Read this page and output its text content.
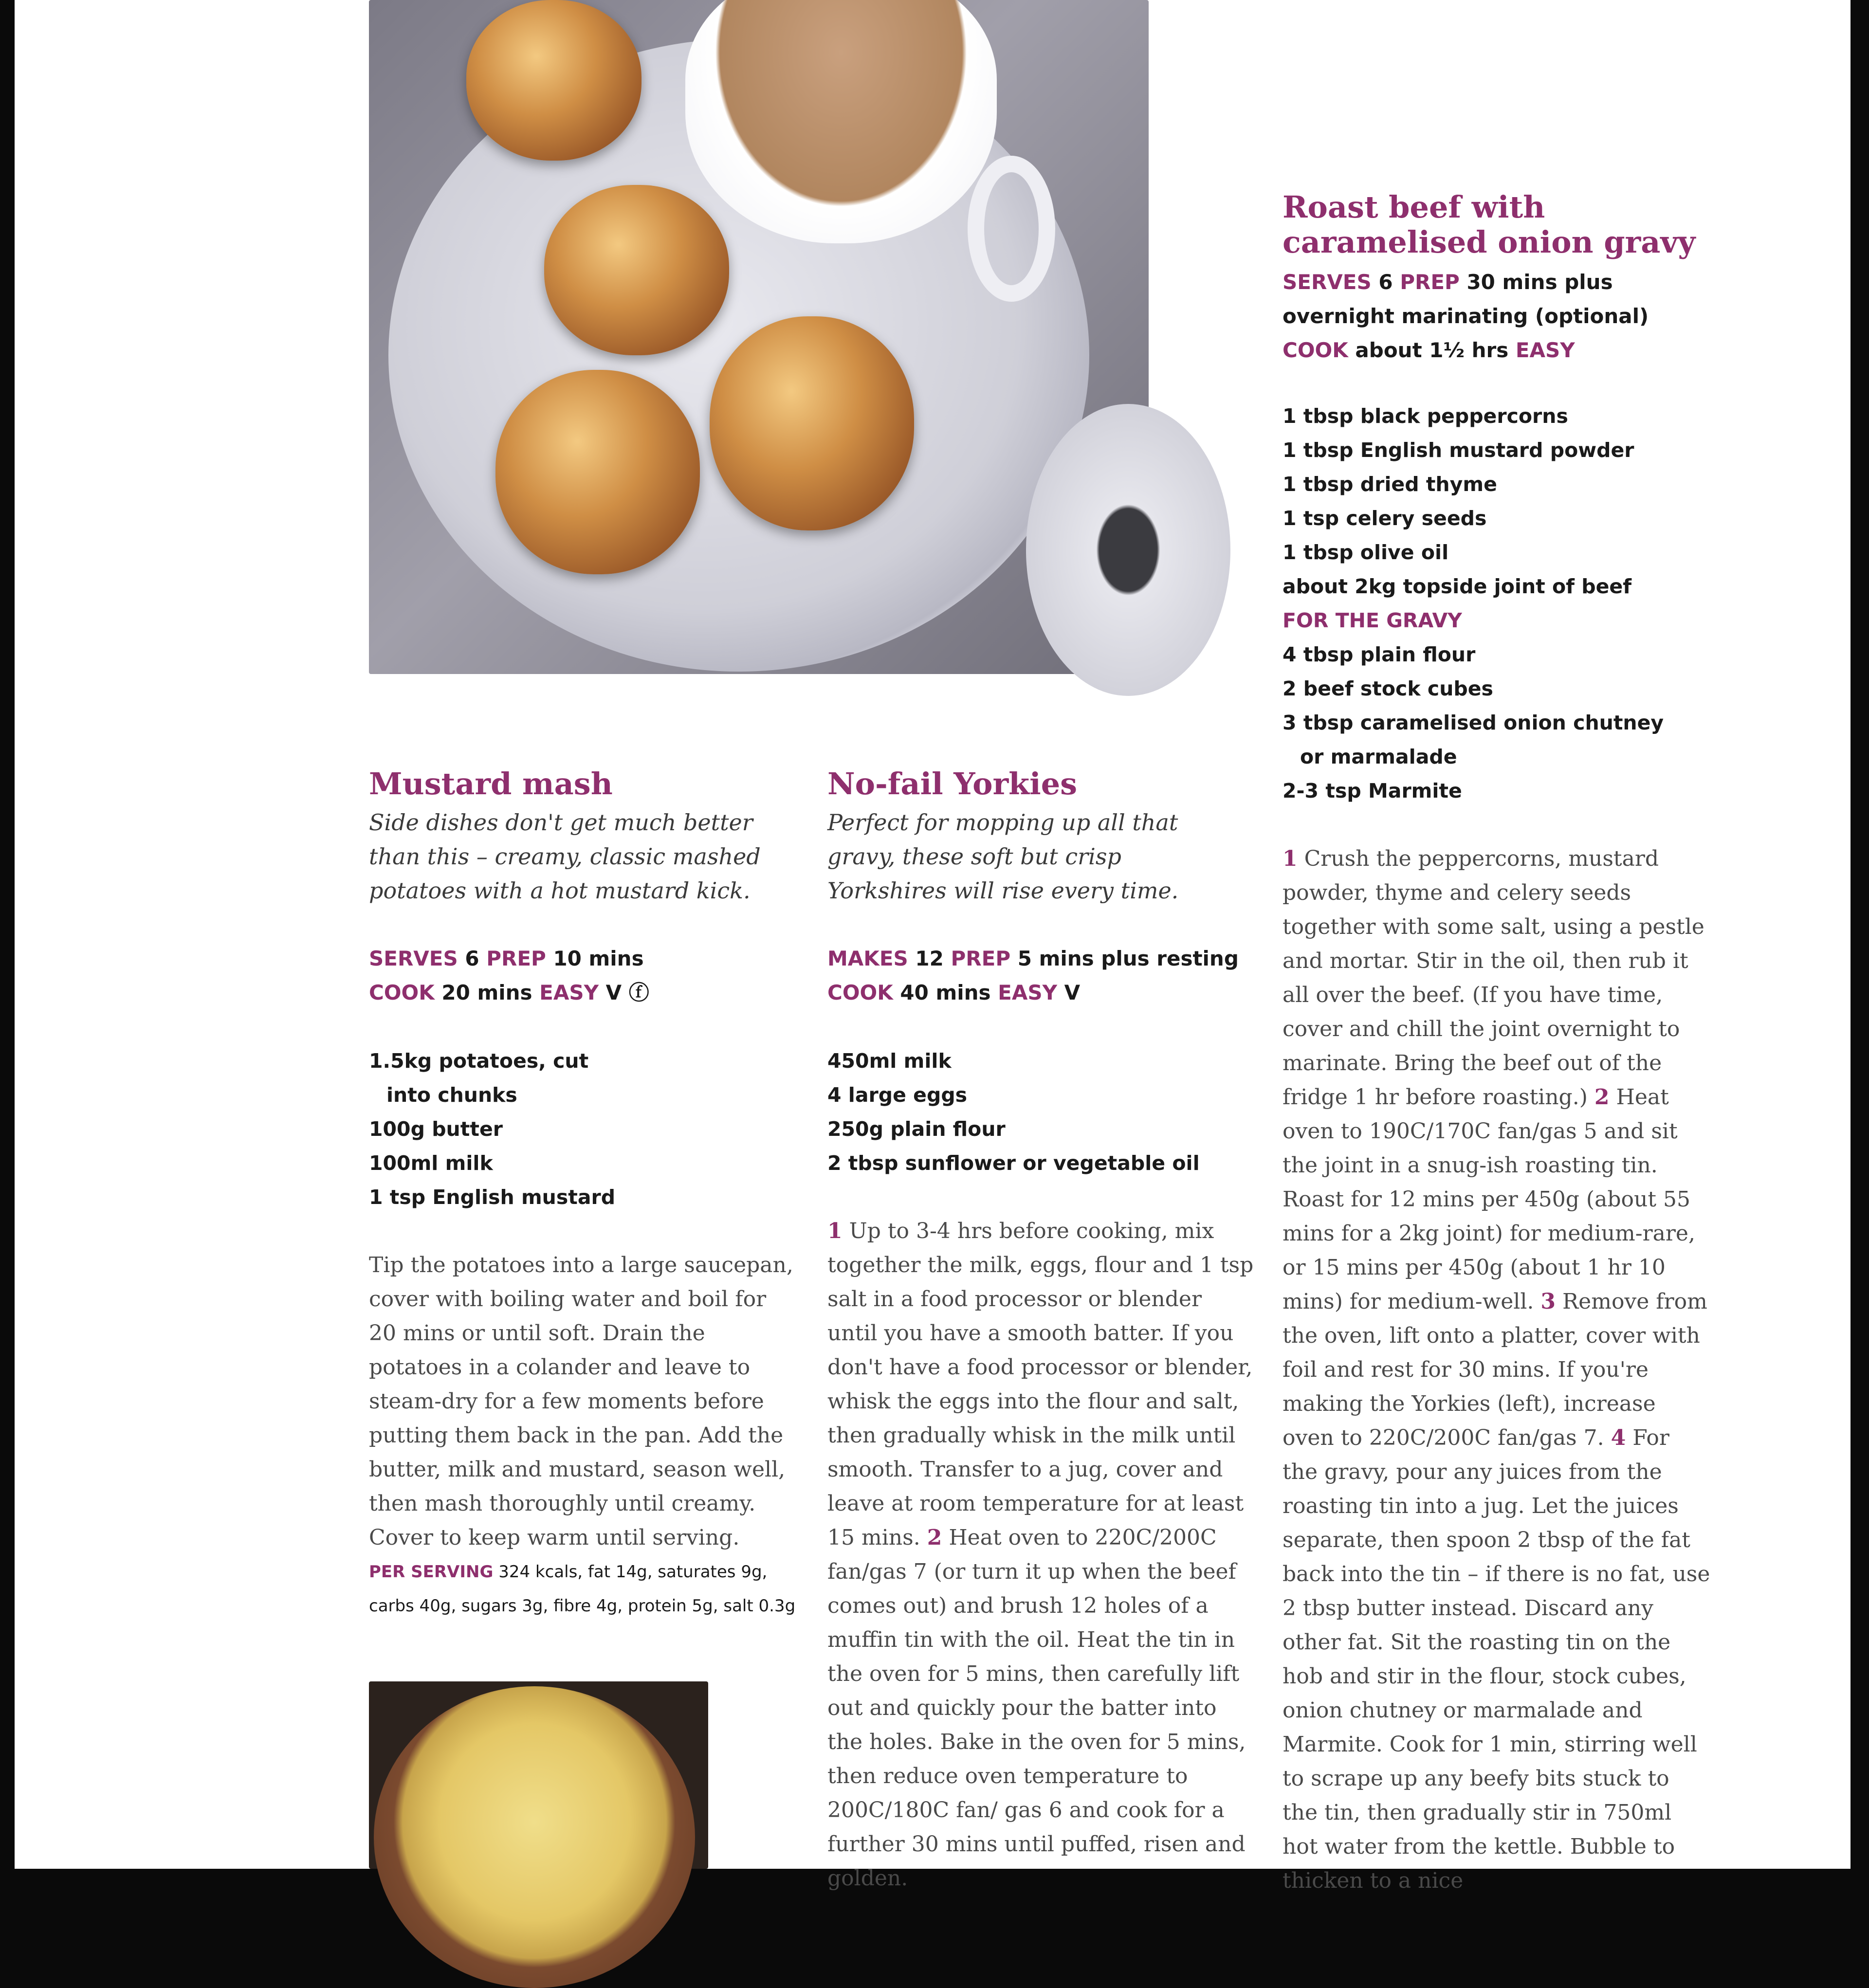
Roast beef with
caramelised onion gravy
SERVES 6 PREP 30 mins plus
overnight marinating (optional)
COOK about 1½ hrs EASY
1 tbsp black peppercorns
1 tbsp English mustard powder
1 tbsp dried thyme
1 tsp celery seeds
1 tbsp olive oil
about 2kg topside joint of beef
FOR THE GRAVY
4 tbsp plain flour
2 beef stock cubes
3 tbsp caramelised onion chutney
or marmalade
2-3 tsp Marmite
1 Crush the peppercorns, mustard powder, thyme and celery seeds together with some salt, using a pestle and mortar. Stir in the oil, then rub it all over the beef. (If you have time, cover and chill the joint overnight to marinate. Bring the beef out of the fridge 1 hr before roasting.) 2 Heat oven to 190C/170C fan/gas 5 and sit the joint in a snug-ish roasting tin. Roast for 12 mins per 450g (about 55 mins for a 2kg joint) for medium-rare, or 15 mins per 450g (about 1 hr 10 mins) for medium-well. 3 Remove from the oven, lift onto a platter, cover with foil and rest for 30 mins. If you're making the Yorkies (left), increase oven to 220C/200C fan/gas 7. 4 For the gravy, pour any juices from the roasting tin into a jug. Let the juices separate, then spoon 2 tbsp of the fat back into the tin – if there is no fat, use 2 tbsp butter instead. Discard any other fat. Sit the roasting tin on the hob and stir in the flour, stock cubes, onion chutney or marmalade and Marmite. Cook for 1 min, stirring well to scrape up any beefy bits stuck to the tin, then gradually stir in 750ml hot water from the kettle. Bubble to thicken to a nice
Mustard mash

Side dishes don't get much better than this – creamy, classic mashed potatoes with a hot mustard kick.

SERVES 6 PREP 10 mins
COOK 20 mins EASY V ⓕ
1.5kg potatoes, cut
into chunks
100g butter
100ml milk
1 tsp English mustard

Tip the potatoes into a large saucepan, cover with boiling water and boil for 20 mins or until soft. Drain the potatoes in a colander and leave to steam-dry for a few moments before putting them back in the pan. Add the butter, milk and mustard, season well, then mash thoroughly until creamy. Cover to keep warm until serving.

PER SERVING 324 kcals, fat 14g, saturates 9g,
carbs 40g, sugars 3g, fibre 4g, protein 5g, salt 0.3g
No-fail Yorkies

Perfect for mopping up all that gravy, these soft but crisp Yorkshires will rise every time.

MAKES 12 PREP 5 mins plus resting
COOK 40 mins EASY V
450ml milk
4 large eggs
250g plain flour
2 tbsp sunflower or vegetable oil
1 Up to 3-4 hrs before cooking, mix together the milk, eggs, flour and 1 tsp salt in a food processor or blender until you have a smooth batter. If you don't have a food processor or blender, whisk the eggs into the flour and salt, then gradually whisk in the milk until smooth. Transfer to a jug, cover and leave at room temperature for at least 15 mins. 2 Heat oven to 220C/200C fan/gas 7 (or turn it up when the beef comes out) and brush 12 holes of a muffin tin with the oil. Heat the tin in the oven for 5 mins, then carefully lift out and quickly pour the batter into the holes. Bake in the oven for 5 mins, then reduce oven temperature to 200C/180C fan/ gas 6 and cook for a further 30 mins until puffed, risen and golden.
